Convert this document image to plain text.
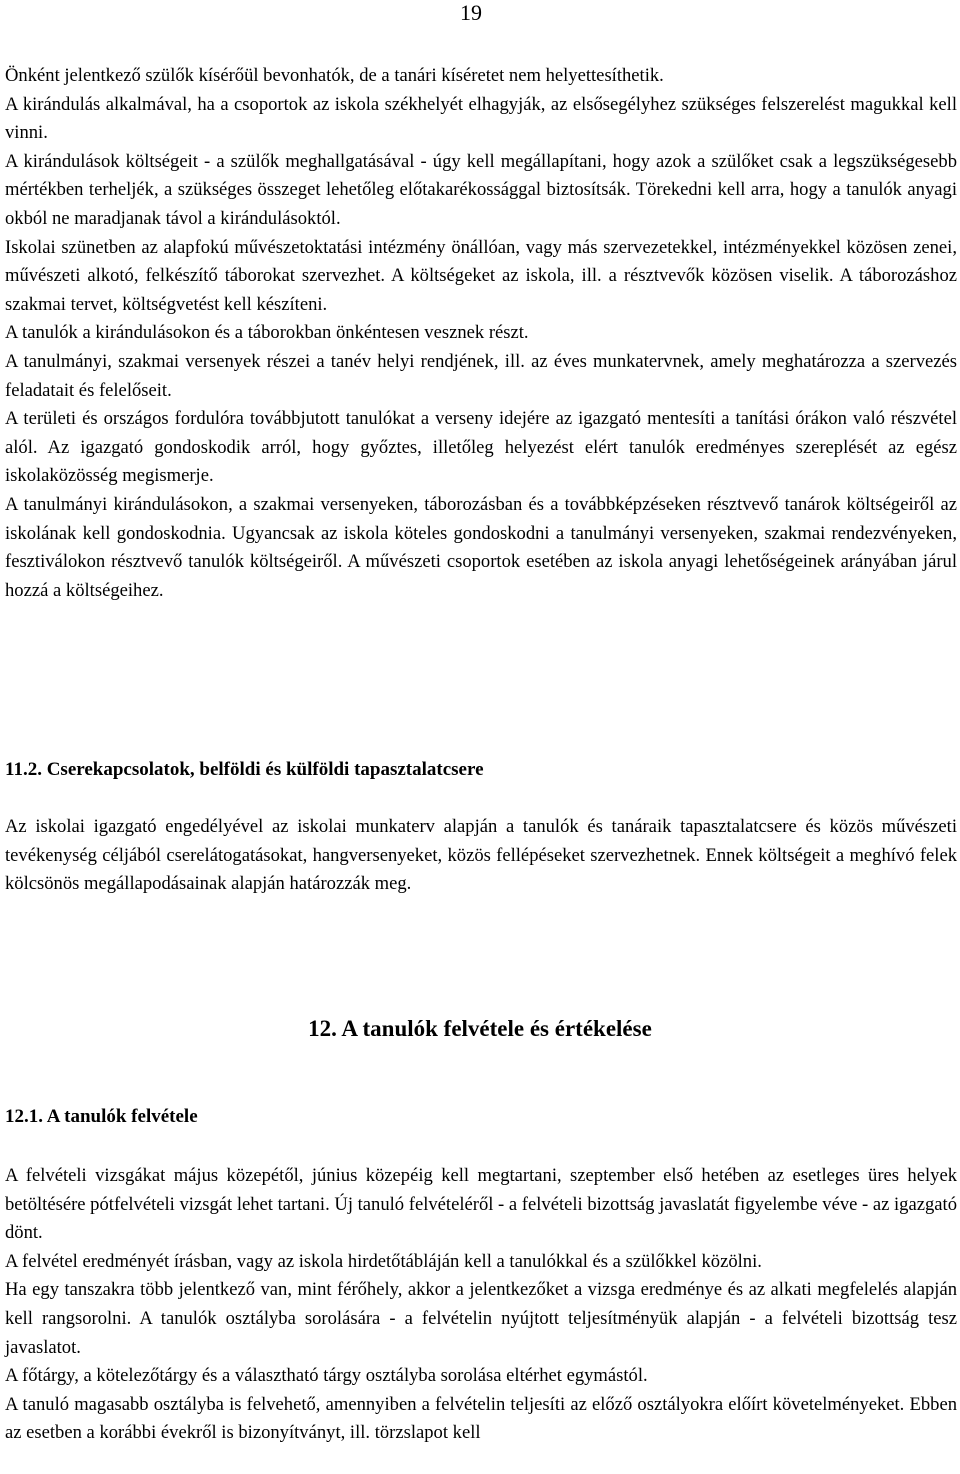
19

Önként jelentkező szülők kísérőül bevonhatók, de a tanári kíséretet nem helyettesíthetik.

A kirándulás alkalmával, ha a csoportok az iskola székhelyét elhagyják, az elsősegélyhez szükséges felszerelést magukkal kell vinni.

A kirándulások költségeit - a szülők meghallgatásával - úgy kell megállapítani, hogy azok a szülőket csak a legszükségesebb mértékben terheljék, a szükséges összeget lehetőleg előtakarékossággal biztosítsák. Törekedni kell arra, hogy a tanulók anyagi okból ne maradjanak távol a kirándulásoktól.

Iskolai szünetben az alapfokú művészetoktatási intézmény önállóan, vagy más szervezetekkel, intézményekkel közösen zenei, művészeti alkotó, felkészítő táborokat szervezhet. A költségeket az iskola, ill. a résztvevők közösen viselik. A táborozáshoz szakmai tervet, költségvetést kell készíteni.

A tanulók a kirándulásokon és a táborokban önkéntesen vesznek részt.

A tanulmányi, szakmai versenyek részei a tanév helyi rendjének, ill. az éves munkatervnek, amely meghatározza a szervezés feladatait és felelőseit.

A területi és országos fordulóra továbbjutott tanulókat a verseny idejére az igazgató mentesíti a tanítási órákon való részvétel alól. Az igazgató gondoskodik arról, hogy győztes, illetőleg helyezést elért tanulók eredményes szereplését az egész iskolaközösség megismerje.

A tanulmányi kirándulásokon, a szakmai versenyeken, táborozásban és a továbbképzéseken résztvevő tanárok költségeiről az iskolának kell gondoskodnia. Ugyancsak az iskola köteles gondoskodni a tanulmányi versenyeken, szakmai rendezvényeken, fesztiválokon résztvevő tanulók költségeiről. A művészeti csoportok esetében az iskola anyagi lehetőségeinek arányában járul hozzá a költségeihez.

11.2. Cserekapcsolatok, belföldi és külföldi tapasztalatcsere

Az iskolai igazgató engedélyével az iskolai munkaterv alapján a tanulók és tanáraik tapasztalatcsere és közös művészeti tevékenység céljából cserelátogatásokat, hangversenyeket, közös fellépéseket szervezhetnek. Ennek költségeit a meghívó felek kölcsönös megállapodásainak alapján határozzák meg.

12. A tanulók felvétele és értékelése
12.1. A tanulók felvétele

A felvételi vizsgákat május közepétől, június közepéig kell megtartani, szeptember első hetében az esetleges üres helyek betöltésére pótfelvételi vizsgát lehet tartani. Új tanuló felvételéről - a felvételi bizottság javaslatát figyelembe véve - az igazgató dönt.

A felvétel eredményét írásban, vagy az iskola hirdetőtábláján kell a tanulókkal és a szülőkkel közölni.

Ha egy tanszakra több jelentkező van, mint férőhely, akkor a jelentkezőket a vizsga eredménye és az alkati megfelelés alapján kell rangsorolni. A tanulók osztályba sorolására - a felvételin nyújtott teljesítményük alapján - a felvételi bizottság tesz javaslatot.

A főtárgy, a kötelezőtárgy és a választható tárgy osztályba sorolása eltérhet egymástól.

A tanuló magasabb osztályba is felvehető, amennyiben a felvételin teljesíti az előző osztályokra előírt követelményeket. Ebben az esetben a korábbi évekről is bizonyítványt, ill. törzslapot kell
